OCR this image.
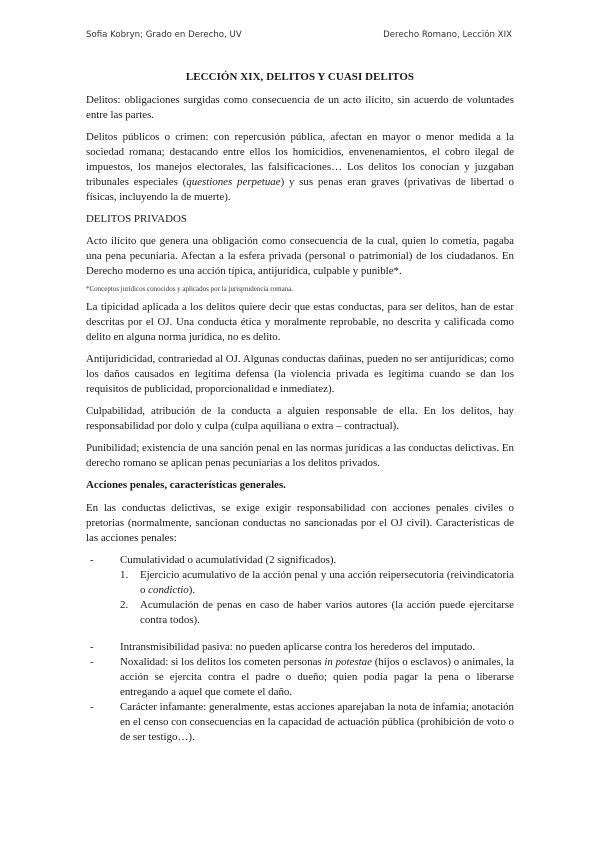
Sofia Kobryn; Grado en Derecho, UV	Derecho Romano, Lección XIX
LECCIÓN XIX, DELITOS Y CUASI DELITOS

Delitos: obligaciones surgidas como consecuencia de un acto ilícito, sin acuerdo de voluntades entre las partes.

Delitos públicos o crimen: con repercusión pública, afectan en mayor o menor medida a la sociedad romana; destacando entre ellos los homicidios, envenenamientos, el cobro ilegal de impuestos, los manejos electorales, las falsificaciones… Los delitos los conocían y juzgaban tribunales especiales (questiones perpetuae) y sus penas eran graves (privativas de libertad o físicas, incluyendo la de muerte).

DELITOS PRIVADOS

Acto ilícito que genera una obligación como consecuencia de la cual, quien lo cometía, pagaba una pena pecuniaria. Afectan a la esfera privada (personal o patrimonial) de los ciudadanos. En Derecho moderno es una acción típica, antijurídica, culpable y punible*.

*Conceptos jurídicos conocidos y aplicados por la jurisprudencia romana.

La tipicidad aplicada a los delitos quiere decir que estas conductas, para ser delitos, han de estar descritas por el OJ. Una conducta ética y moralmente reprobable, no descrita y calificada como delito en alguna norma jurídica, no es delito.

Antijuridicidad, contrariedad al OJ. Algunas conductas dañinas, pueden no ser antijurídicas; como los daños causados en legítima defensa (la violencia privada es legítima cuando se dan los requisitos de publicidad, proporcionalidad e inmediatez).

Culpabilidad, atribución de la conducta a alguien responsable de ella. En los delitos, hay responsabilidad por dolo y culpa (culpa aquiliana o extra – contractual).

Punibilidad; existencia de una sanción penal en las normas jurídicas a las conductas delictivas. En derecho romano se aplican penas pecuniarias a los delitos privados.

Acciones penales, características generales.

En las conductas delictivas, se exige exigir responsabilidad con acciones penales civiles o pretorias (normalmente, sancionan conductas no sancionadas por el OJ civil). Características de las acciones penales:

- Cumulatividad o acumulatividad (2 significados).
1. Ejercicio acumulativo de la acción penal y una acción reipersecutoria (reivindicatoria o condictio).
2. Acumulación de penas en caso de haber varios autores (la acción puede ejercitarse contra todos).
- Intransmisibilidad pasiva: no pueden aplicarse contra los herederos del imputado.
- Noxalidad: si los delitos los cometen personas in potestae (hijos o esclavos) o animales, la acción se ejercita contra el padre o dueño; quien podía pagar la pena o liberarse entregando a aquel que comete el daño.
- Carácter infamante: generalmente, estas acciones aparejaban la nota de infamia; anotación en el censo con consecuencias en la capacidad de actuación pública (prohibición de voto o de ser testigo…).
